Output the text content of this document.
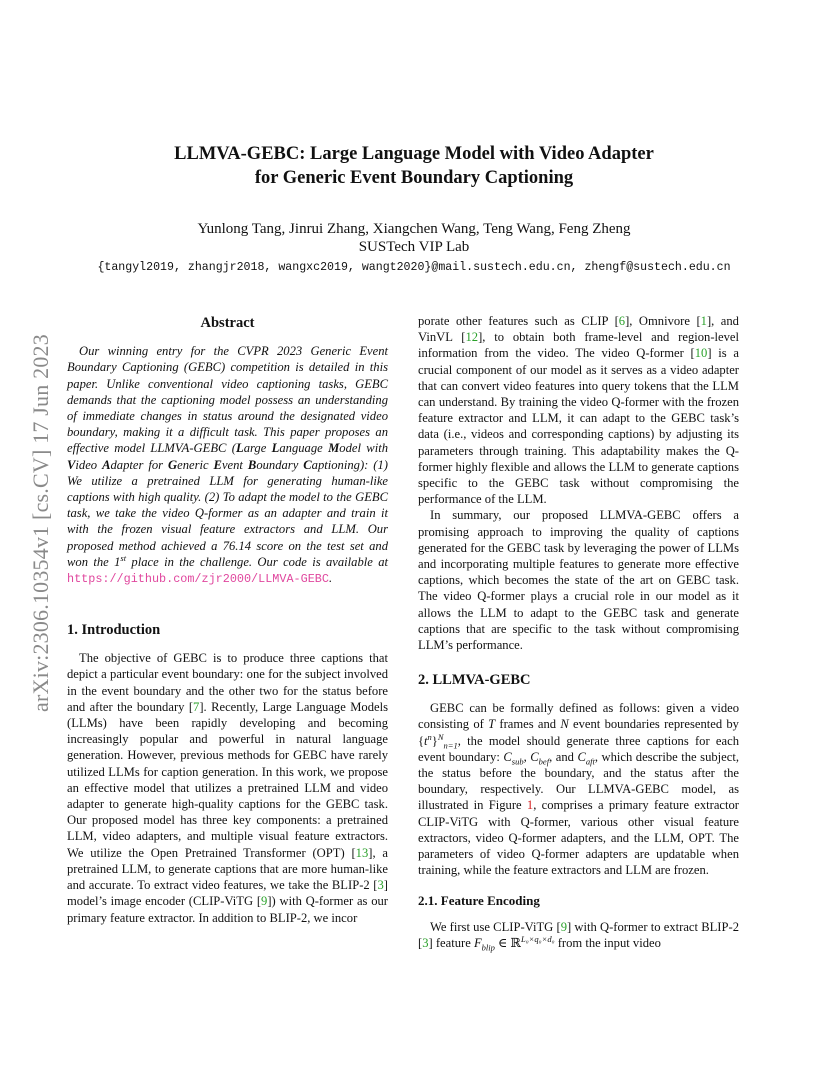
LLMVA-GEBC: Large Language Model with Video Adapter
for Generic Event Boundary Captioning
Yunlong Tang, Jinrui Zhang, Xiangchen Wang, Teng Wang, Feng Zheng
SUSTech VIP Lab
{tangyl2019, zhangjr2018, wangxc2019, wangt2020}@mail.sustech.edu.cn, zhengf@sustech.edu.cn
arXiv:2306.10354v1 [cs.CV] 17 Jun 2023
Abstract

Our winning entry for the CVPR 2023 Generic Event Boundary Captioning (GEBC) competition is detailed in this paper. Unlike conventional video captioning tasks, GEBC demands that the captioning model possess an understanding of immediate changes in status around the designated video boundary, making it a difficult task. This paper proposes an effective model LLMVA-GEBC (Large Language Model with Video Adapter for Generic Event Boundary Captioning): (1) We utilize a pretrained LLM for generating human-like captions with high quality. (2) To adapt the model to the GEBC task, we take the video Q-former as an adapter and train it with the frozen visual feature extractors and LLM. Our proposed method achieved a 76.14 score on the test set and won the 1st place in the challenge. Our code is available at https://github.com/zjr2000/LLMVA-GEBC.

1. Introduction

The objective of GEBC is to produce three captions that depict a particular event boundary: one for the subject involved in the event boundary and the other two for the status before and after the boundary [7]. Recently, Large Language Models (LLMs) have been rapidly developing and becoming increasingly popular and powerful in natural language generation. However, previous methods for GEBC have rarely utilized LLMs for caption generation. In this work, we propose an effective model that utilizes a pretrained LLM and video adapter to generate high-quality captions for the GEBC task. Our proposed model has three key components: a pretrained LLM, video adapters, and multiple visual feature extractors. We utilize the Open Pretrained Transformer (OPT) [13], a pretrained LLM, to generate captions that are more human-like and accurate. To extract video features, we take the BLIP-2 [3] model’s image encoder (CLIP-ViTG [9]) with Q-former as our primary feature extractor. In addition to BLIP-2, we incor

porate other features such as CLIP [6], Omnivore [1], and VinVL [12], to obtain both frame-level and region-level information from the video. The video Q-former [10] is a crucial component of our model as it serves as a video adapter that can convert video features into query tokens that the LLM can understand. By training the video Q-former with the frozen feature extractor and LLM, it can adapt to the GEBC task’s data (i.e., videos and corresponding captions) by adjusting its parameters through training. This adaptability makes the Q-former highly flexible and allows the LLM to generate captions specific to the GEBC task without compromising the performance of the LLM.

In summary, our proposed LLMVA-GEBC offers a promising approach to improving the quality of captions generated for the GEBC task by leveraging the power of LLMs and incorporating multiple features to generate more effective captions, which becomes the state of the art on GEBC task. The video Q-former plays a crucial role in our model as it allows the LLM to adapt to the GEBC task and generate captions that are specific to the task without compromising LLM’s performance.

2. LLMVA-GEBC

GEBC can be formally defined as follows: given a video consisting of T frames and N event boundaries represented by $\{t^n\}^N_{n=1}$, the model should generate three captions for each event boundary: $C_{sub}$, $C_{bef}$, and $C_{aft}$, which describe the subject, the status before the boundary, and the status after the boundary, respectively. Our LLMVA-GEBC model, as illustrated in Figure 1, comprises a primary feature extractor CLIP-ViTG with Q-former, various other visual feature extractors, video Q-former adapters, and the LLM, OPT. The parameters of video Q-former adapters are updatable when training, while the feature extractors and LLM are frozen.

2.1. Feature Encoding

We first use CLIP-ViTG [9] with Q-former to extract BLIP-2 [3] feature $F_{blip}$ ∈ ℝ$^{L_0\times q_0\times d_0}$ from the input video
